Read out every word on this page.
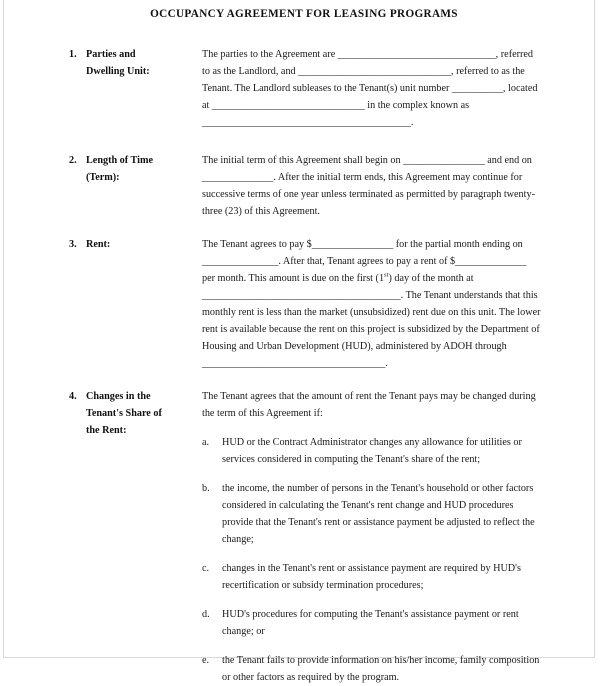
OCCUPANCY AGREEMENT FOR LEASING PROGRAMS
1. Parties and
Dwelling Unit:

The parties to the Agreement are _______________________________, referred to as the Landlord, and ______________________________, referred to as the Tenant. The Landlord subleases to the Tenant(s) unit number __________, located at ______________________________ in the complex known as _________________________________________.

2. Length of Time
(Term):

The initial term of this Agreement shall begin on ________________ and end on ______________. After the initial term ends, this Agreement may continue for successive terms of one year unless terminated as permitted by paragraph twenty-three (23) of this Agreement.

3. Rent:	The Tenant agrees to pay $________________ for the partial month ending on _______________. After that, Tenant agrees to pay a rent of $______________ per month. This amount is due on the first (1st) day of the month at _______________________________________. The Tenant understands that this monthly rent is less than the market (unsubsidized) rent due on this unit. The lower rent is available because the rent on this project is subsidized by the Department of Housing and Urban Development (HUD), administered by ADOH through ____________________________________.

4. Changes in the
Tenant's Share of
the Rent:

The Tenant agrees that the amount of rent the Tenant pays may be changed during the term of this Agreement if:

a.	HUD or the Contract Administrator changes any allowance for utilities or services considered in computing the Tenant's share of the rent;
b.	the income, the number of persons in the Tenant's household or other factors considered in calculating the Tenant's rent change and HUD procedures provide that the Tenant's rent or assistance payment be adjusted to reflect the change;
c.	changes in the Tenant's rent or assistance payment are required by HUD's recertification or subsidy termination procedures;
d.	HUD's procedures for computing the Tenant's assistance payment or rent change; or
e.	the Tenant fails to provide information on his/her income, family composition or other factors as required by the program.
